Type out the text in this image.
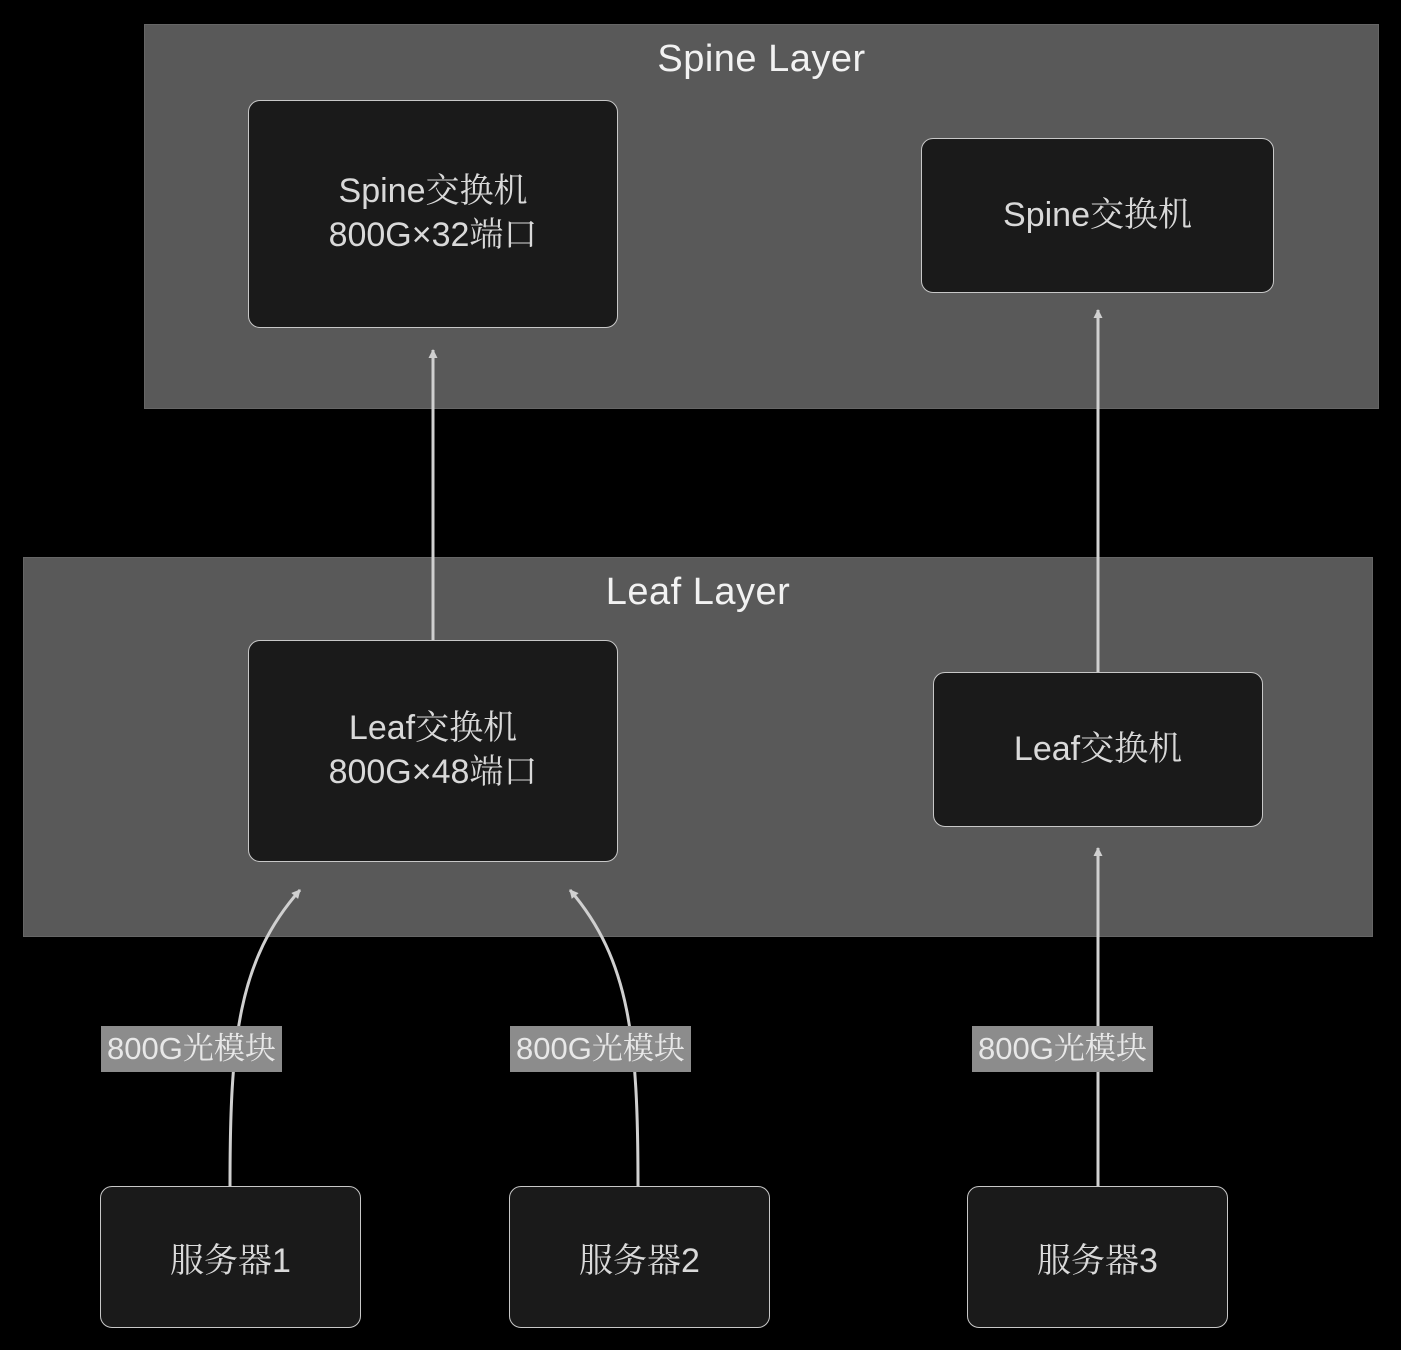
Spine Layer
Leaf Layer
Spine交换机
800G×32端口
Spine交换机
Leaf交换机
800G×48端口
Leaf交换机
服务器1	服务器2	服务器3
800G光模块	800G光模块	800G光模块
